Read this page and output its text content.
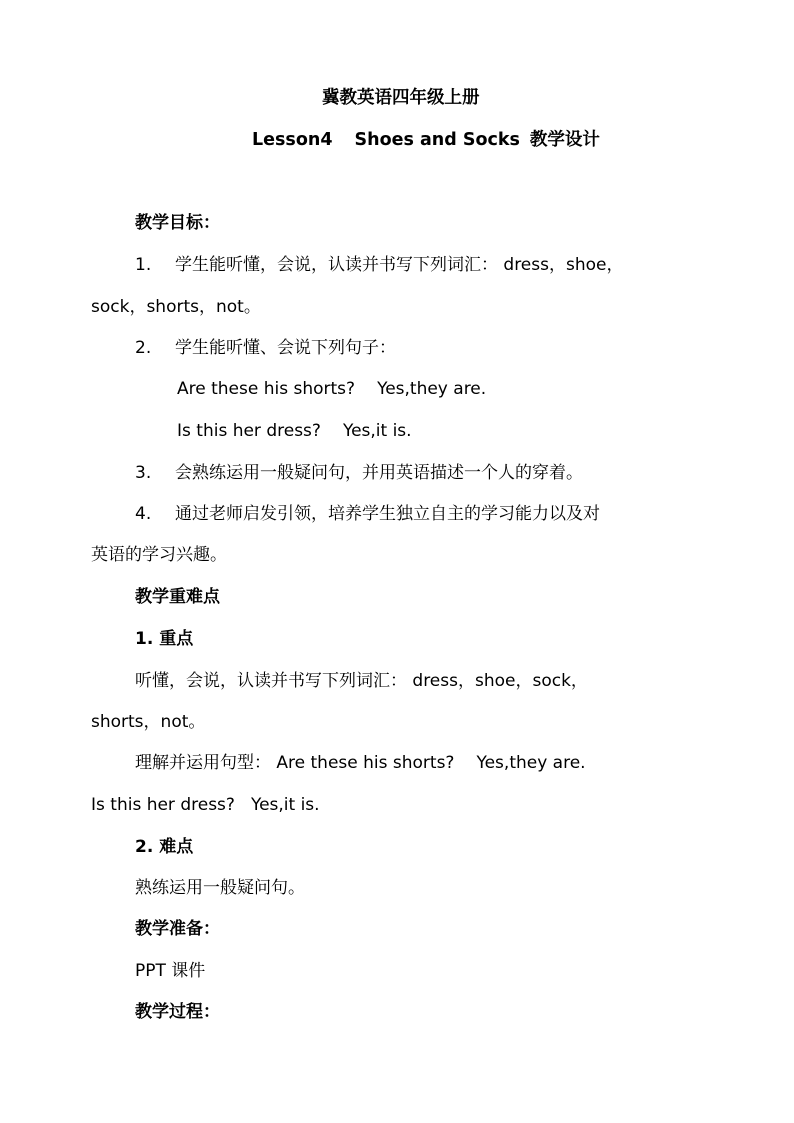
冀教英语四年级上册
Lesson4 Shoes and Socks 教学设计
教学目标：
1. 学生能听懂，会说，认读并书写下列词汇： dress，shoe，
sock，shorts，not。
2. 学生能听懂、会说下列句子：
Are these his shorts? Yes,they are.
Is this her dress? Yes,it is.
3. 会熟练运用一般疑问句，并用英语描述一个人的穿着。
4. 通过老师启发引领，培养学生独立自主的学习能力以及对
英语的学习兴趣。
教学重难点
1. 重点
听懂，会说，认读并书写下列词汇： dress，shoe，sock，
shorts，not。
理解并运用句型： Are these his shorts? Yes,they are.
Is this her dress? Yes,it is.
2. 难点
熟练运用一般疑问句。
教学准备：
PPT 课件
教学过程：
